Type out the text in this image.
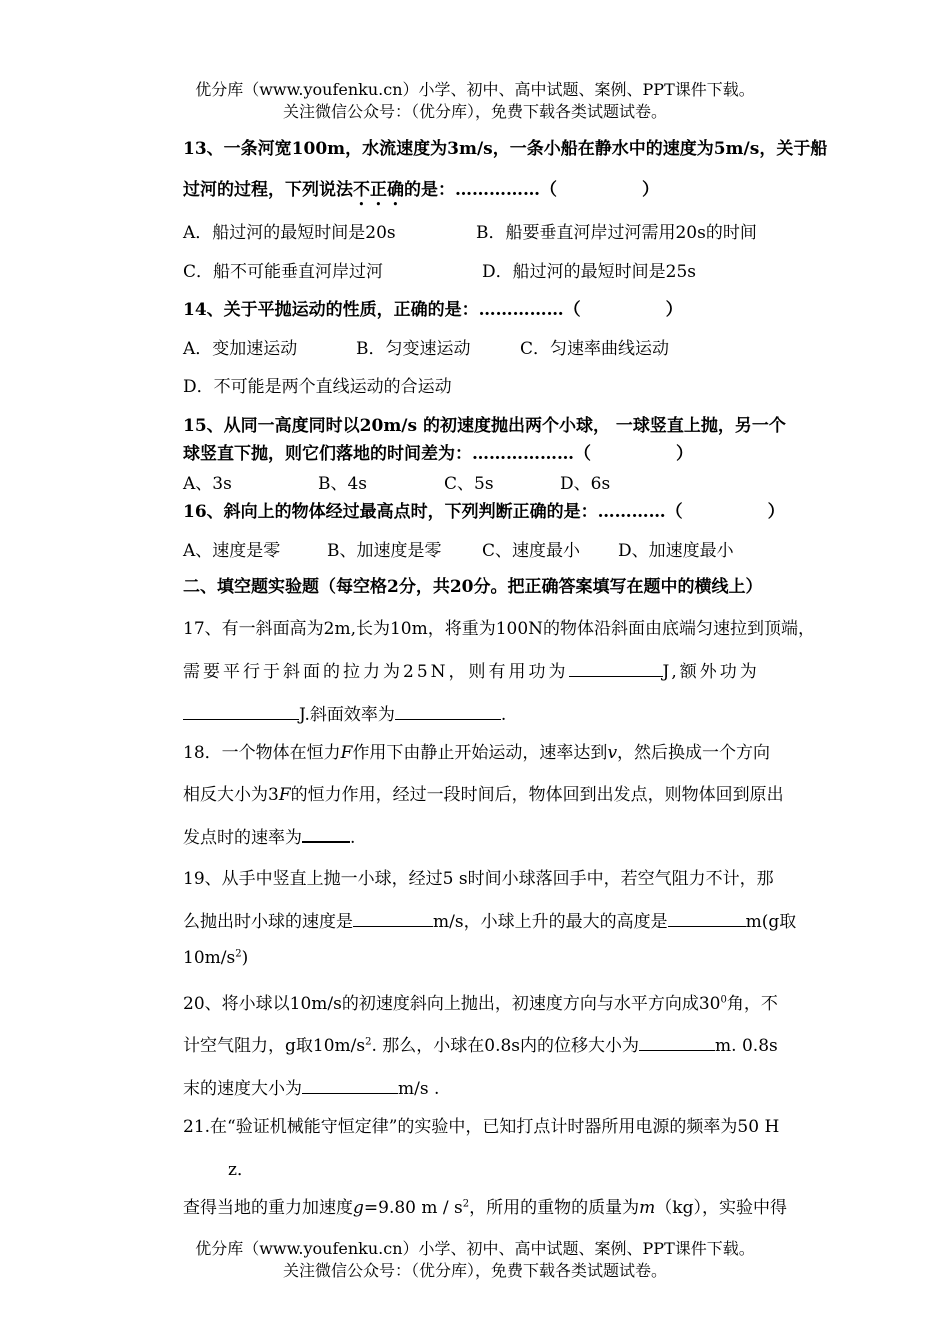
优分库（www.youfenku.cn）小学、初中、高中试题、案例、PPT课件下载。
关注微信公众号：（优分库），免费下载各类试题试卷。
13、一条河宽100m，水流速度为3m/s，一条小船在静水中的速度为5m/s，关于船
过河的过程，下列说法不正确的是：……………（　　　　　）
A．船过河的最短时间是20s	B．船要垂直河岸过河需用20s的时间
C．船不可能垂直河岸过河	D．船过河的最短时间是25s
14、关于平抛运动的性质，正确的是：……………（　　　　　）
A．变加速运动	B．匀变速运动	C．匀速率曲线运动
D．不可能是两个直线运动的合运动
15、从同一高度同时以20m/s 的初速度抛出两个小球， 一球竖直上抛，另一个
球竖直下抛，则它们落地的时间差为：………………（　　　　　）
A、3s	B、4s	C、5s	D、6s
16、斜向上的物体经过最高点时，下列判断正确的是：…………（　　　　　）
A、速度是零	B、加速度是零 C、速度最小 D、加速度最小
二、填空题实验题（每空格2分，共20分。把正确答案填写在题中的横线上）
17、有一斜面高为2m,长为10m，将重为100N的物体沿斜面由底端匀速拉到顶端，
需要平行于斜面的拉力为25N，则有用功为	J,额外功为
J.斜面效率为	.
18．一个物体在恒力F作用下由静止开始运动，速率达到v，然后换成一个方向
相反大小为3F的恒力作用，经过一段时间后，物体回到出发点，则物体回到原出
发点时的速率为	.
19、从手中竖直上抛一小球，经过5 s时间小球落回手中，若空气阻力不计，那
么抛出时小球的速度是	m/s，小球上升的最大的高度是	m(g取
$10m/s^2$)
20、将小球以10m/s的初速度斜向上抛出，初速度方向与水平方向成$30^0$角，不
计空气阻力，g取$10m/s^2$. 那么，小球在0.8s内的位移大小为	m. 0.8s
末的速度大小为	m/s .
21.在“验证机械能守恒定律”的实验中，已知打点计时器所用电源的频率为50 H
z．
查得当地的重力加速度g=9.80 m / $s^2$，所用的重物的质量为m（kg），实验中得
优分库（www.youfenku.cn）小学、初中、高中试题、案例、PPT课件下载。
关注微信公众号：（优分库），免费下载各类试题试卷。
